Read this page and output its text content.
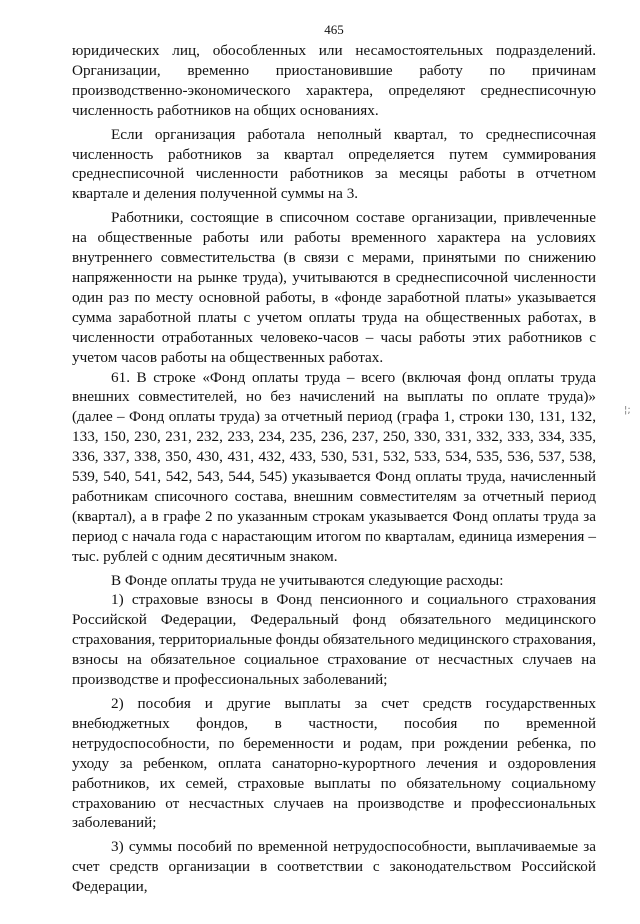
465

юридических лиц, обособленных или несамостоятельных подразделений. Организации, временно приостановившие работу по причинам производственно-экономического характера, определяют среднесписочную численность работников на общих основаниях.

Если организация работала неполный квартал, то среднесписочная численность работников за квартал определяется путем суммирования среднесписочной численности работников за месяцы работы в отчетном квартале и деления полученной суммы на 3.

Работники, состоящие в списочном составе организации, привлеченные на общественные работы или работы временного характера на условиях внутреннего совместительства (в связи с мерами, принятыми по снижению напряженности на рынке труда), учитываются в среднесписочной численности один раз по месту основной работы, в «фонде заработной платы» указывается сумма заработной платы с учетом оплаты труда на общественных работах, в численности отработанных человеко-часов – часы работы этих работников с учетом часов работы на общественных работах.

61. В строке «Фонд оплаты труда – всего (включая фонд оплаты труда внешних совместителей, но без начислений на выплаты по оплате труда)» (далее – Фонд оплаты труда) за отчетный период (графа 1, строки 130, 131, 132, 133, 150, 230, 231, 232, 233, 234, 235, 236, 237, 250, 330, 331, 332, 333, 334, 335, 336, 337, 338, 350, 430, 431, 432, 433, 530, 531, 532, 533, 534, 535, 536, 537, 538, 539, 540, 541, 542, 543, 544, 545) указывается Фонд оплаты труда, начисленный работникам списочного состава, внешним совместителям за отчетный период (квартал), а в графе 2 по указанным строкам указывается Фонд оплаты труда за период с начала года с нарастающим итогом по кварталам, единица измерения – тыс. рублей с одним десятичным знаком.

В Фонде оплаты труда не учитываются следующие расходы:

1) страховые взносы в Фонд пенсионного и социального страхования Российской Федерации, Федеральный фонд обязательного медицинского страхования, территориальные фонды обязательного медицинского страхования, взносы на обязательное социальное страхование от несчастных случаев на производстве и профессиональных заболеваний;

2) пособия и другие выплаты за счет средств государственных внебюджетных фондов, в частности, пособия по временной нетрудоспособности, по беременности и родам, при рождении ребенка, по уходу за ребенком, оплата санаторно-курортного лечения и оздоровления работников, их семей, страховые выплаты по обязательному социальному страхованию от несчастных случаев на производстве и профессиональных заболеваний;

3) суммы пособий по временной нетрудоспособности, выплачиваемые за счет средств организации в соответствии с законодательством Российской Федерации,

¦;
